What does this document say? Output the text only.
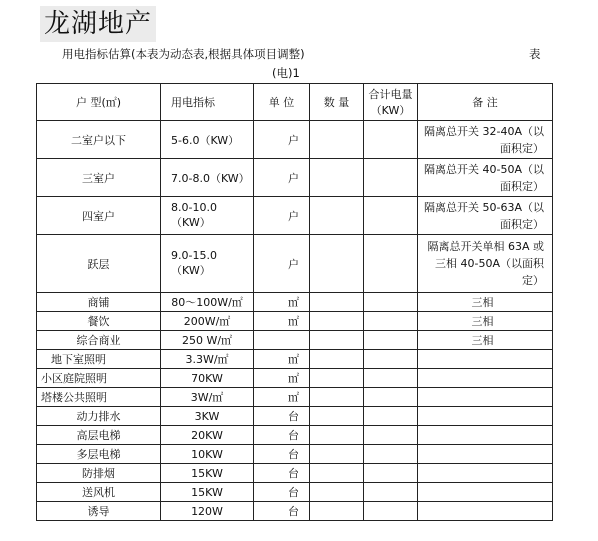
龙湖地产
用电指标估算(本表为动态表,根据具体项目调整)	表
(电)1
户 型(㎡)	用电指标	单 位	数 量	合计电量（KW）	备 注
二室户以下	5-6.0（KW）	户			隔离总开关 32-40A（以面积定）
三室户	7.0-8.0（KW）	户			隔离总开关 40-50A（以面积定）
四室户	8.0-10.0（KW）	户			隔离总开关 50-63A（以面积定）
跃层	9.0-15.0（KW）	户			隔离总开关单相 63A 或三相 40-50A（以面积定）
商铺	80～100W/㎡	㎡			三相
餐饮	200W/㎡	㎡			三相
综合商业	250 W/㎡				三相
地下室照明	3.3W/㎡	㎡			
小区庭院照明	70KW	㎡			
塔楼公共照明	3W/㎡	㎡			
动力排水	3KW	台			
高层电梯	20KW	台			
多层电梯	10KW	台			
防排烟	15KW	台			
送风机	15KW	台			
诱导	120W	台			
